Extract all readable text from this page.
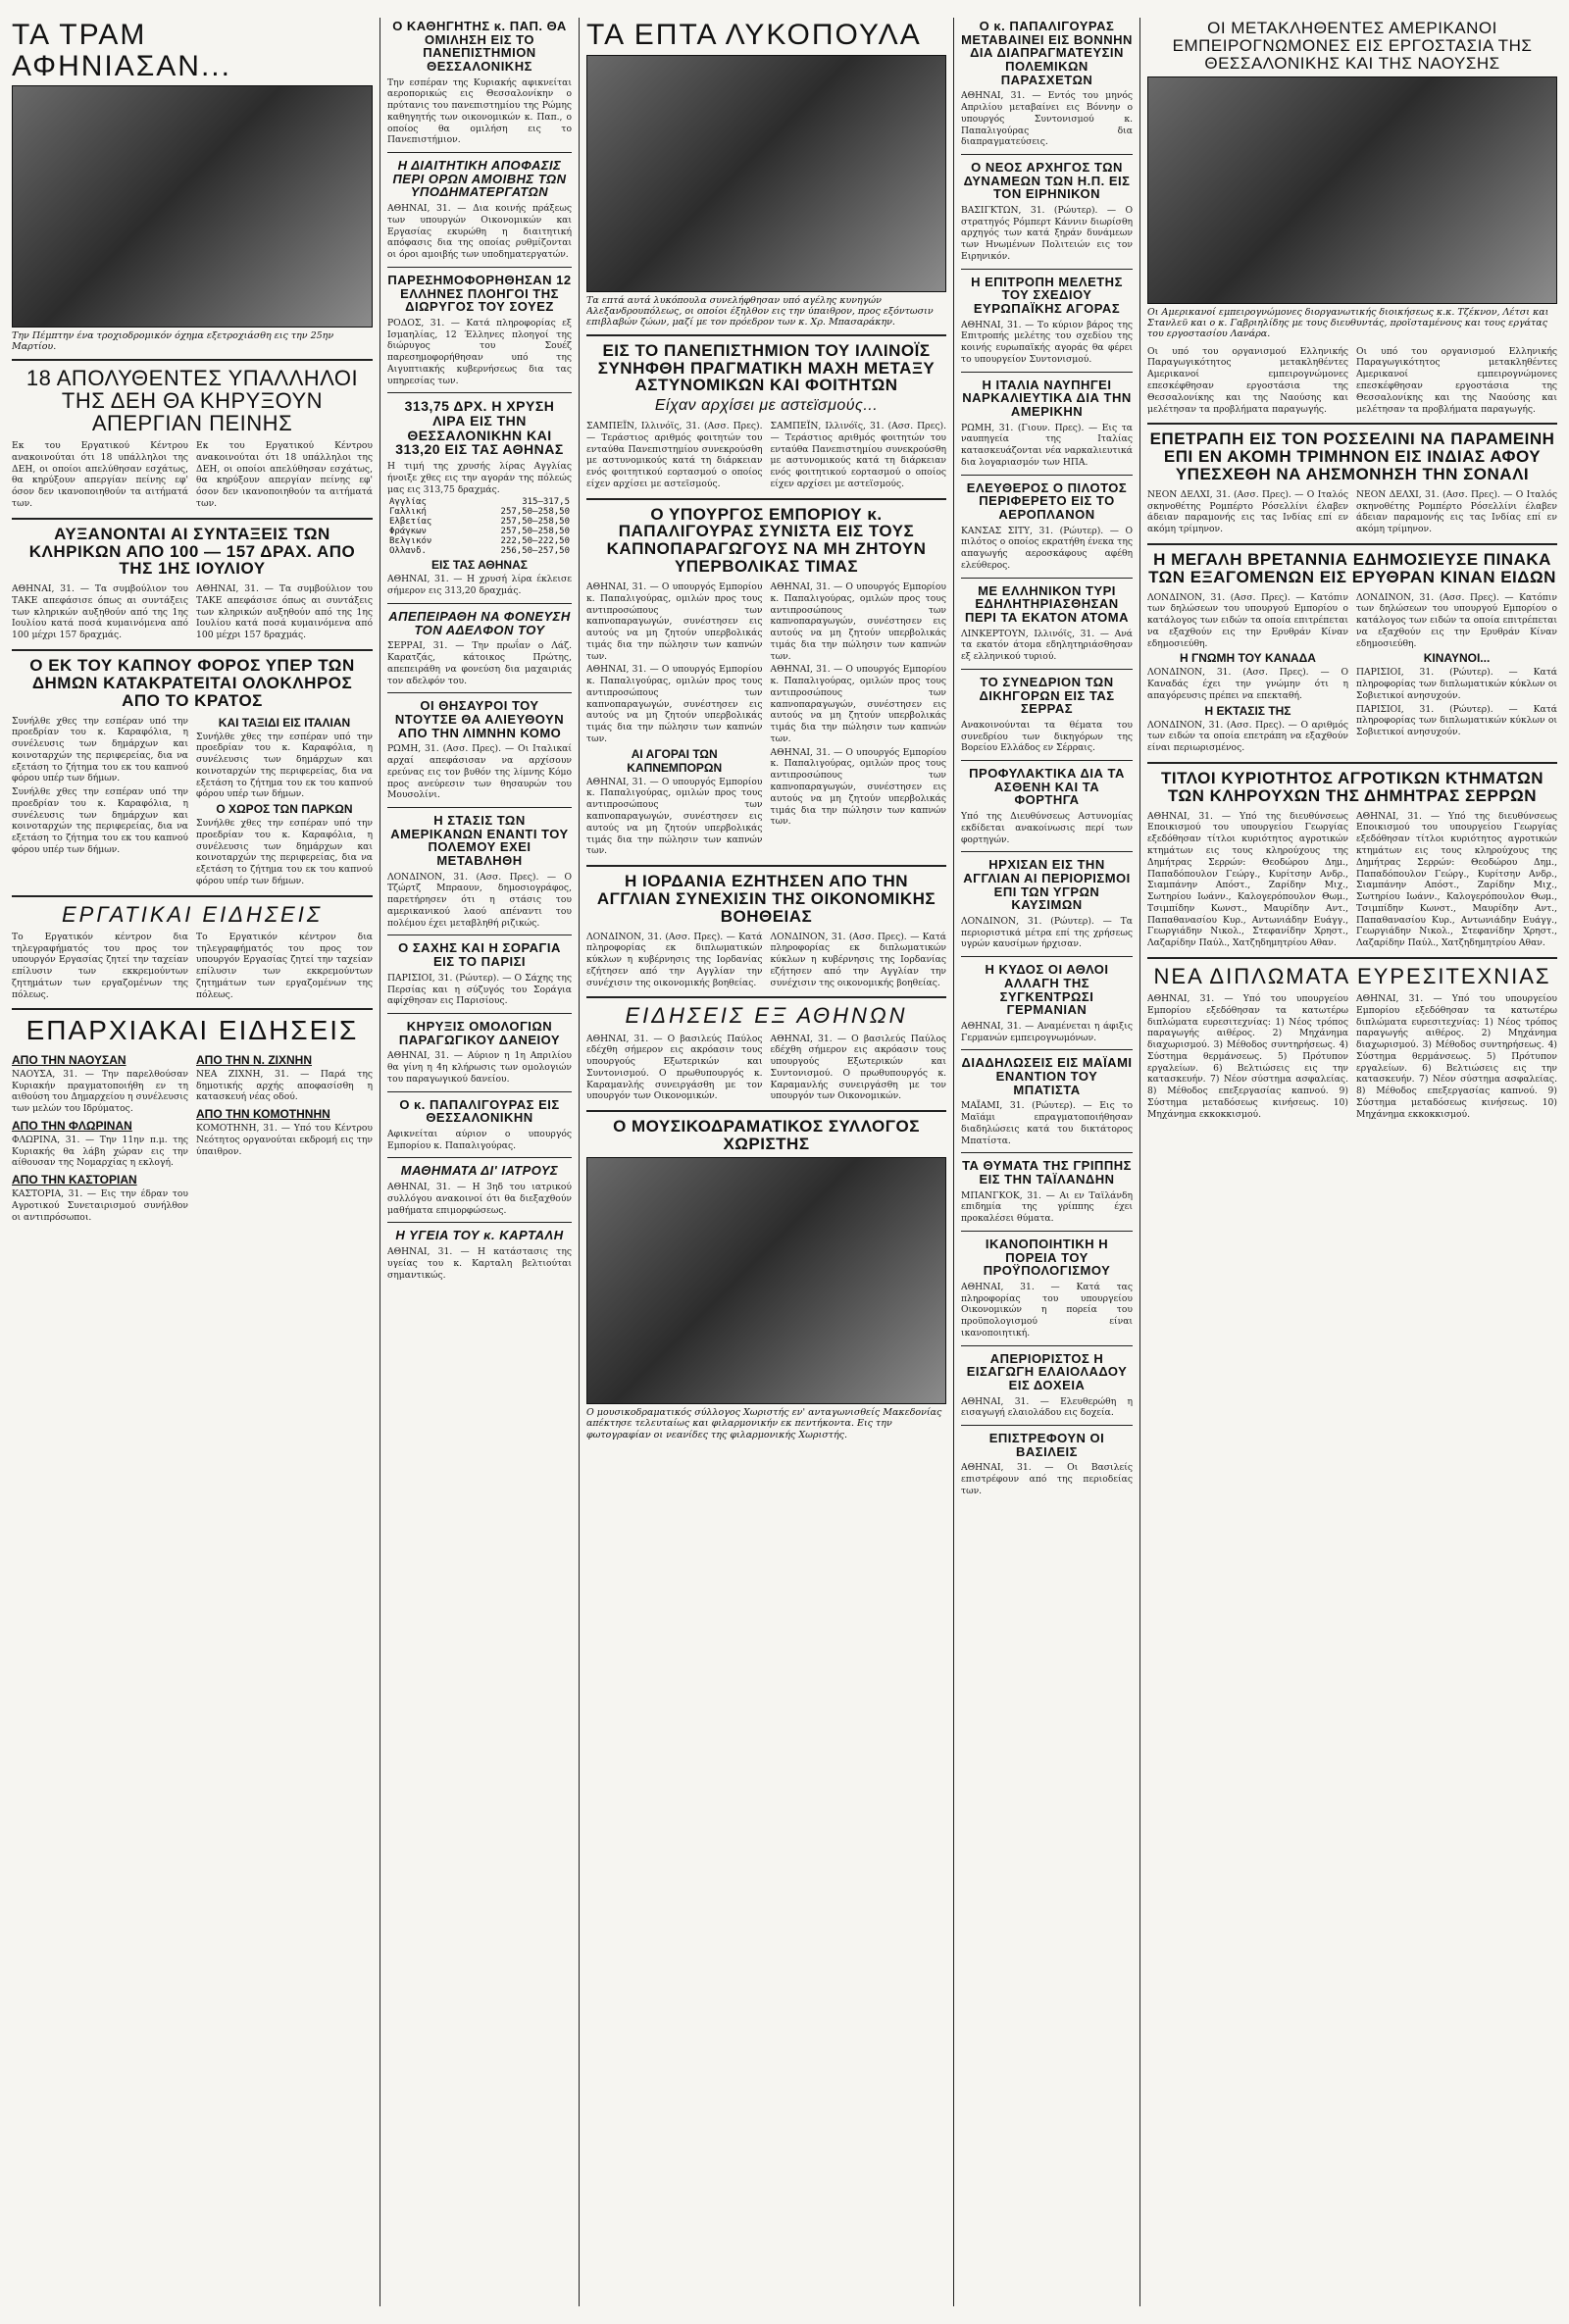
ΤΑ ΤΡΑΜ ΑΦΗΝΙΑΣΑΝ...
Την Πέμπτην ένα τροχιοδρομικόν όχημα εξετροχιάσθη εις την 25ην Μαρτίου.
18 ΑΠΟΛΥΘΕΝΤΕΣ ΥΠΑΛΛΗΛΟΙ ΤΗΣ ΔΕΗ ΘΑ ΚΗΡΥΞΟΥΝ ΑΠΕΡΓΙΑΝ ΠΕΙΝΗΣ
Εκ του Εργατικού Κέντρου ανακοινούται ότι 18 υπάλληλοι της ΔΕΗ, οι οποίοι απελύθησαν εσχάτως, θα κηρύξουν απεργίαν πείνης εφ' όσον δεν ικανοποιηθούν τα αιτήματά των.
Εκ του Εργατικού Κέντρου ανακοινούται ότι 18 υπάλληλοι της ΔΕΗ, οι οποίοι απελύθησαν εσχάτως, θα κηρύξουν απεργίαν πείνης εφ' όσον δεν ικανοποιηθούν τα αιτήματά των.
ΑΥΞΑΝΟΝΤΑΙ ΑΙ ΣΥΝΤΑΞΕΙΣ ΤΩΝ ΚΛΗΡΙΚΩΝ ΑΠΟ 100 — 157 ΔΡΑΧ. ΑΠΟ ΤΗΣ 1ΗΣ ΙΟΥΛΙΟΥ
ΑΘΗΝΑΙ, 31. — Τα συμβούλιον του ΤΑΚΕ απεφάσισε όπως αι συντάξεις των κληρικών αυξηθούν από της 1ης Ιουλίου κατά ποσά κυμαινόμενα από 100 μέχρι 157 δραχμάς.
ΑΘΗΝΑΙ, 31. — Τα συμβούλιον του ΤΑΚΕ απεφάσισε όπως αι συντάξεις των κληρικών αυξηθούν από της 1ης Ιουλίου κατά ποσά κυμαινόμενα από 100 μέχρι 157 δραχμάς.
Ο ΕΚ ΤΟΥ ΚΑΠΝΟΥ ΦΟΡΟΣ ΥΠΕΡ ΤΩΝ ΔΗΜΩΝ ΚΑΤΑΚΡΑΤΕΙΤΑΙ ΟΛΟΚΛΗΡΟΣ ΑΠΟ ΤΟ ΚΡΑΤΟΣ
Συνήλθε χθες την εσπέραν υπό την προεδρίαν του κ. Καραφόλια, η συνέλευσις των δημάρχων και κοινοταρχών της περιφερείας, δια να εξετάση το ζήτημα του εκ του καπνού φόρου υπέρ των δήμων.
Συνήλθε χθες την εσπέραν υπό την προεδρίαν του κ. Καραφόλια, η συνέλευσις των δημάρχων και κοινοταρχών της περιφερείας, δια να εξετάση το ζήτημα του εκ του καπνού φόρου υπέρ των δήμων.
ΚΑΙ ΤΑΞΙΔΙ ΕΙΣ ΙΤΑΛΙΑΝ
Συνήλθε χθες την εσπέραν υπό την προεδρίαν του κ. Καραφόλια, η συνέλευσις των δημάρχων και κοινοταρχών της περιφερείας, δια να εξετάση το ζήτημα του εκ του καπνού φόρου υπέρ των δήμων.
Ο ΧΩΡΟΣ ΤΩΝ ΠΑΡΚΩΝ
Συνήλθε χθες την εσπέραν υπό την προεδρίαν του κ. Καραφόλια, η συνέλευσις των δημάρχων και κοινοταρχών της περιφερείας, δια να εξετάση το ζήτημα του εκ του καπνού φόρου υπέρ των δήμων.
ΕΡΓΑΤΙΚΑΙ ΕΙΔΗΣΕΙΣ
Το Εργατικόν κέντρον δια τηλεγραφήματός του προς τον υπουργόν Εργασίας ζητεί την ταχείαν επίλυσιν των εκκρεμούντων ζητημάτων των εργαζομένων της πόλεως.
Το Εργατικόν κέντρον δια τηλεγραφήματός του προς τον υπουργόν Εργασίας ζητεί την ταχείαν επίλυσιν των εκκρεμούντων ζητημάτων των εργαζομένων της πόλεως.
ΕΠΑΡΧΙΑΚΑΙ ΕΙΔΗΣΕΙΣ
ΑΠΟ ΤΗΝ ΝΑΟΥΣΑΝ
ΝΑΟΥΣΑ, 31. — Την παρελθούσαν Κυριακήν πραγματοποιήθη εν τη αιθούση του Δημαρχείου η συνέλευσις των μελών του Ιδρύματος.
ΑΠΟ ΤΗΝ ΦΛΩΡΙΝΑΝ
ΦΛΩΡΙΝΑ, 31. — Την 11ην π.μ. της Κυριακής θα λάβη χώραν εις την αίθουσαν της Νομαρχίας η εκλογή.
ΑΠΟ ΤΗΝ ΚΑΣΤΟΡΙΑΝ
ΚΑΣΤΟΡΙΑ, 31. — Εις την έδραν του Αγροτικού Συνεταιρισμού συνήλθον οι αντιπρόσωποι.
ΑΠΟ ΤΗΝ Ν. ΖΙΧΝΗΝ
ΝΕΑ ΖΙΧΝΗ, 31. — Παρά της δημοτικής αρχής αποφασίσθη η κατασκευή νέας οδού.
ΑΠΟ ΤΗΝ ΚΟΜΟΤΗΝΗΝ
ΚΟΜΟΤΗΝΗ, 31. — Υπό του Κέντρου Νεότητος οργανούται εκδρομή εις την ύπαιθρον.
Ο ΚΑΘΗΓΗΤΗΣ κ. ΠΑΠ. ΘΑ ΟΜΙΛΗΣΗ ΕΙΣ ΤΟ ΠΑΝΕΠΙΣΤΗΜΙΟΝ ΘΕΣΣΑΛΟΝΙΚΗΣ
Την εσπέραν της Κυριακής αφικνείται αεροπορικώς εις Θεσσαλονίκην ο πρύτανις του πανεπιστημίου της Ρώμης καθηγητής των οικονομικών κ. Παπ., ο οποίος θα ομιλήση εις το Πανεπιστήμιον.
Η ΔΙΑΙΤΗΤΙΚΗ ΑΠΟΦΑΣΙΣ ΠΕΡΙ ΟΡΩΝ ΑΜΟΙΒΗΣ ΤΩΝ ΥΠΟΔΗΜΑΤΕΡΓΑΤΩΝ
ΑΘΗΝΑΙ, 31. — Δια κοινής πράξεως των υπουργών Οικονομικών και Εργασίας εκυρώθη η διαιτητική απόφασις δια της οποίας ρυθμίζονται οι όροι αμοιβής των υποδηματεργατών.
ΠΑΡΕΣΗΜΟΦΟΡΗΘΗΣΑΝ 12 ΕΛΛΗΝΕΣ ΠΛΟΗΓΟΙ ΤΗΣ ΔΙΩΡΥΓΟΣ ΤΟΥ ΣΟΥΕΖ
ΡΟΔΟΣ, 31. — Κατά πληροφορίας εξ Ισμαηλίας, 12 Έλληνες πλοηγοί της διώρυγος του Σουέζ παρεσημοφορήθησαν υπό της Αιγυπτιακής κυβερνήσεως δια τας υπηρεσίας των.
313,75 ΔΡΧ. Η ΧΡΥΣΗ ΛΙΡΑ ΕΙΣ ΤΗΝ ΘΕΣΣΑΛΟΝΙΚΗΝ ΚΑΙ 313,20 ΕΙΣ ΤΑΣ ΑΘΗΝΑΣ
Η τιμή της χρυσής λίρας Αγγλίας ήνοιξε χθες εις την αγοράν της πόλεώς μας εις 313,75 δραχμάς.
Αγγλίας	315—317,5
Γαλλική	257,50—258,50
Ελβετίας	257,50—258,50
Φράγκων	257,50—258,50
Βελγικόν	222,50—222,50
Ολλανδ.	256,50—257,50
ΕΙΣ ΤΑΣ ΑΘΗΝΑΣ
ΑΘΗΝΑΙ, 31. — Η χρυσή λίρα έκλεισε σήμερον εις 313,20 δραχμάς.
ΑΠΕΠΕΙΡΑΘΗ ΝΑ ΦΟΝΕΥΣΗ ΤΟΝ ΑΔΕΛΦΟΝ ΤΟΥ
ΣΕΡΡΑΙ, 31. — Την πρωΐαν ο Λάζ. Καρατζάς, κάτοικος Πρώτης, απεπειράθη να φονεύση δια μαχαιριάς τον αδελφόν του.
ΟΙ ΘΗΣΑΥΡΟΙ ΤΟΥ ΝΤΟΥΤΣΕ ΘΑ ΑΛΙΕΥΘΟΥΝ ΑΠΟ ΤΗΝ ΛΙΜΝΗΝ ΚΟΜΟ
ΡΩΜΗ, 31. (Ασσ. Πρες). — Οι Ιταλικαί αρχαί απεφάσισαν να αρχίσουν ερεύνας εις τον βυθόν της λίμνης Κόμο προς ανεύρεσιν των θησαυρών του Μουσολίνι.
Η ΣΤΑΣΙΣ ΤΩΝ ΑΜΕΡΙΚΑΝΩΝ ΕΝΑΝΤΙ ΤΟΥ ΠΟΛΕΜΟΥ ΕΧΕΙ ΜΕΤΑΒΛΗΘΗ
ΛΟΝΔΙΝΟΝ, 31. (Ασσ. Πρες). — Ο Τζώρτζ Μπραουν, δημοσιογράφος, παρετήρησεν ότι η στάσις του αμερικανικού λαού απέναντι του πολέμου έχει μεταβληθή ριζικώς.
Ο ΣΑΧΗΣ ΚΑΙ Η ΣΟΡΑΓΙΑ ΕΙΣ ΤΟ ΠΑΡΙΣΙ
ΠΑΡΙΣΙΟΙ, 31. (Ρώυτερ). — Ο Σάχης της Περσίας και η σύζυγός του Σοράγια αφίχθησαν εις Παρισίους.
ΚΗΡΥΞΙΣ ΟΜΟΛΟΓΙΩΝ ΠΑΡΑΓΩΓΙΚΟΥ ΔΑΝΕΙΟΥ
ΑΘΗΝΑΙ, 31. — Αύριον η 1η Απριλίου θα γίνη η 4η κλήρωσις των ομολογιών του παραγωγικού δανείου.
Ο κ. ΠΑΠΑΛΙΓΟΥΡΑΣ ΕΙΣ ΘΕΣΣΑΛΟΝΙΚΗΝ
Αφικνείται αύριον ο υπουργός Εμπορίου κ. Παπαλιγούρας.
ΜΑΘΗΜΑΤΑ ΔΙ' ΙΑΤΡΟΥΣ
ΑΘΗΝΑΙ, 31. — Η 3ηδ του ιατρικού συλλόγου ανακοινοί ότι θα διεξαχθούν μαθήματα επιμορφώσεως.
Η ΥΓΕΙΑ ΤΟΥ κ. ΚΑΡΤΑΛΗ
ΑΘΗΝΑΙ, 31. — Η κατάστασις της υγείας του κ. Καρταλη βελτιούται σημαντικώς.
ΤΑ ΕΠΤΑ ΛΥΚΟΠΟΥΛΑ
Τα επτά αυτά λυκόπουλα συνελήφθησαν υπό αγέλης κυνηγών Αλεξανδρουπόλεως, οι οποίοι έξηλθον εις την ύπαιθρον, προς εξόντωσιν επιβλαβών ζώων, μαζί με τον πρόεδρον των κ. Χρ. Μπασαράκην.
ΕΙΣ ΤΟ ΠΑΝΕΠΙΣΤΗΜΙΟΝ ΤΟΥ ΙΛΛΙΝΟΪΣ ΣΥΝΗΦΘΗ ΠΡΑΓΜΑΤΙΚΗ ΜΑΧΗ ΜΕΤΑΞΥ ΑΣΤΥΝΟΜΙΚΩΝ ΚΑΙ ΦΟΙΤΗΤΩΝ
Είχαν αρχίσει με αστεϊσμούς...
ΣΑΜΠΕΪΝ, Ιλλινόϊς, 31. (Ασσ. Πρες). — Τεράστιος αριθμός φοιτητών του ενταύθα Πανεπιστημίου συνεκρούσθη με αστυνομικούς κατά τη διάρκειαν ενός φοιτητικού εορτασμού ο οποίος είχεν αρχίσει με αστεϊσμούς.
ΣΑΜΠΕΪΝ, Ιλλινόϊς, 31. (Ασσ. Πρες). — Τεράστιος αριθμός φοιτητών του ενταύθα Πανεπιστημίου συνεκρούσθη με αστυνομικούς κατά τη διάρκειαν ενός φοιτητικού εορτασμού ο οποίος είχεν αρχίσει με αστεϊσμούς.
Ο ΥΠΟΥΡΓΟΣ ΕΜΠΟΡΙΟΥ κ. ΠΑΠΑΛΙΓΟΥΡΑΣ ΣΥΝΙΣΤΑ ΕΙΣ ΤΟΥΣ ΚΑΠΝΟΠΑΡΑΓΩΓΟΥΣ ΝΑ ΜΗ ΖΗΤΟΥΝ ΥΠΕΡΒΟΛΙΚΑΣ ΤΙΜΑΣ
ΑΘΗΝΑΙ, 31. — Ο υπουργός Εμπορίου κ. Παπαλιγούρας, ομιλών προς τους αντιπροσώπους των καπνοπαραγωγών, συνέστησεν εις αυτούς να μη ζητούν υπερβολικάς τιμάς δια την πώλησιν των καπνών των.
ΑΘΗΝΑΙ, 31. — Ο υπουργός Εμπορίου κ. Παπαλιγούρας, ομιλών προς τους αντιπροσώπους των καπνοπαραγωγών, συνέστησεν εις αυτούς να μη ζητούν υπερβολικάς τιμάς δια την πώλησιν των καπνών των.
ΑΙ ΑΓΟΡΑΙ ΤΩΝ ΚΑΠΝΕΜΠΟΡΩΝ
ΑΘΗΝΑΙ, 31. — Ο υπουργός Εμπορίου κ. Παπαλιγούρας, ομιλών προς τους αντιπροσώπους των καπνοπαραγωγών, συνέστησεν εις αυτούς να μη ζητούν υπερβολικάς τιμάς δια την πώλησιν των καπνών των.
ΑΘΗΝΑΙ, 31. — Ο υπουργός Εμπορίου κ. Παπαλιγούρας, ομιλών προς τους αντιπροσώπους των καπνοπαραγωγών, συνέστησεν εις αυτούς να μη ζητούν υπερβολικάς τιμάς δια την πώλησιν των καπνών των.
ΑΘΗΝΑΙ, 31. — Ο υπουργός Εμπορίου κ. Παπαλιγούρας, ομιλών προς τους αντιπροσώπους των καπνοπαραγωγών, συνέστησεν εις αυτούς να μη ζητούν υπερβολικάς τιμάς δια την πώλησιν των καπνών των.
ΑΘΗΝΑΙ, 31. — Ο υπουργός Εμπορίου κ. Παπαλιγούρας, ομιλών προς τους αντιπροσώπους των καπνοπαραγωγών, συνέστησεν εις αυτούς να μη ζητούν υπερβολικάς τιμάς δια την πώλησιν των καπνών των.
Η ΙΟΡΔΑΝΙΑ ΕΖΗΤΗΣΕΝ ΑΠΟ ΤΗΝ ΑΓΓΛΙΑΝ ΣΥΝΕΧΙΣΙΝ ΤΗΣ ΟΙΚΟΝΟΜΙΚΗΣ ΒΟΗΘΕΙΑΣ
ΛΟΝΔΙΝΟΝ, 31. (Ασσ. Πρες). — Κατά πληροφορίας εκ διπλωματικών κύκλων η κυβέρνησις της Ιορδανίας εζήτησεν από την Αγγλίαν την συνέχισιν της οικονομικής βοηθείας.
ΛΟΝΔΙΝΟΝ, 31. (Ασσ. Πρες). — Κατά πληροφορίας εκ διπλωματικών κύκλων η κυβέρνησις της Ιορδανίας εζήτησεν από την Αγγλίαν την συνέχισιν της οικονομικής βοηθείας.
ΕΙΔΗΣΕΙΣ ΕΞ ΑΘΗΝΩΝ
ΑΘΗΝΑΙ, 31. — Ο βασιλεύς Παύλος εδέχθη σήμερον εις ακρόασιν τους υπουργούς Εξωτερικών και Συντονισμού. Ο πρωθυπουργός κ. Καραμανλής συνειργάσθη με τον υπουργόν των Οικονομικών.
ΑΘΗΝΑΙ, 31. — Ο βασιλεύς Παύλος εδέχθη σήμερον εις ακρόασιν τους υπουργούς Εξωτερικών και Συντονισμού. Ο πρωθυπουργός κ. Καραμανλής συνειργάσθη με τον υπουργόν των Οικονομικών.
Ο ΜΟΥΣΙΚΟΔΡΑΜΑΤΙΚΟΣ ΣΥΛΛΟΓΟΣ ΧΩΡΙΣΤΗΣ
Ο μουσικοδραματικός σύλλογος Χωριστής εν' ανταγωνισθείς Μακεδονίας απέκτησε τελευταίως και φιλαρμονικήν εκ πεντήκοντα. Εις την φωτογραφίαν οι νεανίδες της φιλαρμονικής Χωριστής.
Ο κ. ΠΑΠΑΛΙΓΟΥΡΑΣ ΜΕΤΑΒΑΙΝΕΙ ΕΙΣ ΒΟΝΝΗΝ ΔΙΑ ΔΙΑΠΡΑΓΜΑΤΕΥΣΙΝ ΠΟΛΕΜΙΚΩΝ ΠΑΡΑΣΧΕΤΩΝ
ΑΘΗΝΑΙ, 31. — Εντός του μηνός Απριλίου μεταβαίνει εις Βόννην ο υπουργός Συντονισμού κ. Παπαλιγούρας δια διαπραγματεύσεις.
Ο ΝΕΟΣ ΑΡΧΗΓΟΣ ΤΩΝ ΔΥΝΑΜΕΩΝ ΤΩΝ Η.Π. ΕΙΣ ΤΟΝ ΕΙΡΗΝΙΚΟΝ
ΒΑΣΙΓΚΤΩΝ, 31. (Ρώυτερ). — Ο στρατηγός Ρόμπερτ Κάννιν διωρίσθη αρχηγός των κατά ξηράν δυνάμεων των Ηνωμένων Πολιτειών εις τον Ειρηνικόν.
Η ΕΠΙΤΡΟΠΗ ΜΕΛΕΤΗΣ ΤΟΥ ΣΧΕΔΙΟΥ ΕΥΡΩΠΑΪΚΗΣ ΑΓΟΡΑΣ
ΑΘΗΝΑΙ, 31. — Το κύριον βάρος της Επιτροπής μελέτης του σχεδίου της κοινής ευρωπαϊκής αγοράς θα φέρει το υπουργείον Συντονισμού.
Η ΙΤΑΛΙΑ ΝΑΥΠΗΓΕΙ ΝΑΡΚΑΛΙΕΥΤΙΚΑ ΔΙΑ ΤΗΝ ΑΜΕΡΙΚΗΝ
ΡΩΜΗ, 31. (Γιουν. Πρες). — Εις τα ναυπηγεία της Ιταλίας κατασκευάζονται νέα ναρκαλιευτικά δια λογαριασμόν των ΗΠΑ.
ΕΛΕΥΘΕΡΟΣ Ο ΠΙΛΟΤΟΣ ΠΕΡΙΦΕΡΕΤΟ ΕΙΣ ΤΟ ΑΕΡΟΠΛΑΝΟΝ
ΚΑΝΣΑΣ ΣΙΤΥ, 31. (Ρώυτερ). — Ο πιλότος ο οποίος εκρατήθη ένεκα της απαγωγής αεροσκάφους αφέθη ελεύθερος.
ΜΕ ΕΛΛΗΝΙΚΟΝ ΤΥΡΙ ΕΔΗΛΗΤΗΡΙΑΣΘΗΣΑΝ ΠΕΡΙ ΤΑ ΕΚΑΤΟΝ ΑΤΟΜΑ
ΛΙΝΚΕΡΤΟΥΝ, Ιλλινόϊς, 31. — Ανά τα εκατόν άτομα εδηλητηριάσθησαν εξ ελληνικού τυριού.
ΤΟ ΣΥΝΕΔΡΙΟΝ ΤΩΝ ΔΙΚΗΓΟΡΩΝ ΕΙΣ ΤΑΣ ΣΕΡΡΑΣ
Ανακοινούνται τα θέματα του συνεδρίου των δικηγόρων της Βορείου Ελλάδος εν Σέρραις.
ΠΡΟΦΥΛΑΚΤΙΚΑ ΔΙΑ ΤΑ ΑΣΘΕΝΗ ΚΑΙ ΤΑ ΦΟΡΤΗΓΑ
Υπό της Διευθύνσεως Αστυνομίας εκδίδεται ανακοίνωσις περί των φορτηγών.
ΗΡΧΙΣΑΝ ΕΙΣ ΤΗΝ ΑΓΓΛΙΑΝ ΑΙ ΠΕΡΙΟΡΙΣΜΟΙ ΕΠΙ ΤΩΝ ΥΓΡΩΝ ΚΑΥΣΙΜΩΝ
ΛΟΝΔΙΝΟΝ, 31. (Ρώυτερ). — Τα περιοριστικά μέτρα επί της χρήσεως υγρών καυσίμων ήρχισαν.
Η ΚΥΔΟΣ ΟΙ ΑΘΛΟΙ ΑΛΛΑΓΗ ΤΗΣ ΣΥΓΚΕΝΤΡΩΣΙ ΓΕΡΜΑΝΙΑΝ
ΑΘΗΝΑΙ, 31. — Αναμένεται η άφιξις Γερμανών εμπειρογνωμόνων.
ΔΙΑΔΗΛΩΣΕΙΣ ΕΙΣ ΜΑΪΑΜΙ ΕΝΑΝΤΙΟΝ ΤΟΥ ΜΠΑΤΙΣΤΑ
ΜΑΪΑΜΙ, 31. (Ρώυτερ). — Εις το Μαϊάμι επραγματοποιήθησαν διαδηλώσεις κατά του δικτάτορος Μπατίστα.
ΤΑ ΘΥΜΑΤΑ ΤΗΣ ΓΡΙΠΠΗΣ ΕΙΣ ΤΗΝ ΤΑΪΛΑΝΔΗΝ
ΜΠΑΝΓΚΟΚ, 31. — Αι εν Ταϊλάνδη επιδημία της γρίππης έχει προκαλέσει θύματα.
ΙΚΑΝΟΠΟΙΗΤΙΚΗ Η ΠΟΡΕΙΑ ΤΟΥ ΠΡΟΫΠΟΛΟΓΙΣΜΟΥ
ΑΘΗΝΑΙ, 31. — Κατά τας πληροφορίας του υπουργείου Οικονομικών η πορεία του προϋπολογισμού είναι ικανοποιητική.
ΑΠΕΡΙΟΡΙΣΤΟΣ Η ΕΙΣΑΓΩΓΗ ΕΛΑΙΟΛΑΔΟΥ ΕΙΣ ΔΟΧΕΙΑ
ΑΘΗΝΑΙ, 31. — Ελευθερώθη η εισαγωγή ελαιολάδου εις δοχεία.
ΕΠΙΣΤΡΕΦΟΥΝ ΟΙ ΒΑΣΙΛΕΙΣ
ΑΘΗΝΑΙ, 31. — Οι Βασιλείς επιστρέφουν από της περιοδείας των.
ΟΙ ΜΕΤΑΚΛΗΘΕΝΤΕΣ ΑΜΕΡΙΚΑΝΟΙ ΕΜΠΕΙΡΟΓΝΩΜΟΝΕΣ ΕΙΣ ΕΡΓΟΣΤΑΣΙΑ ΤΗΣ ΘΕΣΣΑΛΟΝΙΚΗΣ ΚΑΙ ΤΗΣ ΝΑΟΥΣΗΣ
Οι Αμερικανοί εμπειρογνώμονες διοργανωτικής διοικήσεως κ.κ. Τζέκνον, Λέτσι και Στανλεϋ και ο κ. Γαβριηλίδης με τους διευθυντάς, προϊσταμένους και τους εργάτας του εργοστασίου Λανάρα.
Οι υπό του οργανισμού Ελληνικής Παραγωγικότητος μετακληθέντες Αμερικανοί εμπειρογνώμονες επεσκέφθησαν εργοστάσια της Θεσσαλονίκης και της Ναούσης και μελέτησαν τα προβλήματα παραγωγής.
Οι υπό του οργανισμού Ελληνικής Παραγωγικότητος μετακληθέντες Αμερικανοί εμπειρογνώμονες επεσκέφθησαν εργοστάσια της Θεσσαλονίκης και της Ναούσης και μελέτησαν τα προβλήματα παραγωγής.
ΕΠΕΤΡΑΠΗ ΕΙΣ ΤΟΝ ΡΟΣΣΕΛΙΝΙ ΝΑ ΠΑΡΑΜΕΙΝΗ ΕΠΙ ΕΝ ΑΚΟΜΗ ΤΡΙΜΗΝΟΝ ΕΙΣ ΙΝΔΙΑΣ ΑΦΟΥ ΥΠΕΣΧΕΘΗ ΝΑ ΑΗΣΜΟΝΗΣΗ ΤΗΝ ΣΟΝΑΛΙ
ΝΕΟΝ ΔΕΛΧΙ, 31. (Ασσ. Πρες). — Ο Ιταλός σκηνοθέτης Ρομπέρτο Ρόσελλίνι έλαβεν άδειαν παραμονής εις τας Ινδίας επί εν ακόμη τρίμηνον.
ΝΕΟΝ ΔΕΛΧΙ, 31. (Ασσ. Πρες). — Ο Ιταλός σκηνοθέτης Ρομπέρτο Ρόσελλίνι έλαβεν άδειαν παραμονής εις τας Ινδίας επί εν ακόμη τρίμηνον.
Η ΜΕΓΑΛΗ ΒΡΕΤΑΝΝΙΑ ΕΔΗΜΟΣΙΕΥΣΕ ΠΙΝΑΚΑ ΤΩΝ ΕΞΑΓΟΜΕΝΩΝ ΕΙΣ ΕΡΥΘΡΑΝ ΚΙΝΑΝ ΕΙΔΩΝ
ΛΟΝΔΙΝΟΝ, 31. (Ασσ. Πρες). — Κατόπιν των δηλώσεων του υπουργού Εμπορίου ο κατάλογος των ειδών τα οποία επιτρέπεται να εξαχθούν εις την Ερυθράν Κίναν εδημοσιεύθη.
Η ΓΝΩΜΗ ΤΟΥ ΚΑΝΑΔΑ
ΛΟΝΔΙΝΟΝ, 31. (Ασσ. Πρες). — Ο Καναδάς έχει την γνώμην ότι η απαγόρευσις πρέπει να επεκταθή.
Η ΕΚΤΑΣΙΣ ΤΗΣ
ΛΟΝΔΙΝΟΝ, 31. (Ασσ. Πρες). — Ο αριθμός των ειδών τα οποία επετράπη να εξαχθούν είναι περιωρισμένος.
ΛΟΝΔΙΝΟΝ, 31. (Ασσ. Πρες). — Κατόπιν των δηλώσεων του υπουργού Εμπορίου ο κατάλογος των ειδών τα οποία επιτρέπεται να εξαχθούν εις την Ερυθράν Κίναν εδημοσιεύθη.
ΚΙΝΑΥΝΟΙ...
ΠΑΡΙΣΙΟΙ, 31. (Ρώυτερ). — Κατά πληροφορίας των διπλωματικών κύκλων οι Σοβιετικοί ανησυχούν.
ΠΑΡΙΣΙΟΙ, 31. (Ρώυτερ). — Κατά πληροφορίας των διπλωματικών κύκλων οι Σοβιετικοί ανησυχούν.
ΤΙΤΛΟΙ ΚΥΡΙΟΤΗΤΟΣ ΑΓΡΟΤΙΚΩΝ ΚΤΗΜΑΤΩΝ ΤΩΝ ΚΛΗΡΟΥΧΩΝ ΤΗΣ ΔΗΜΗΤΡΑΣ ΣΕΡΡΩΝ
ΑΘΗΝΑΙ, 31. — Υπό της διευθύνσεως Εποικισμού του υπουργείου Γεωργίας εξεδόθησαν τίτλοι κυριότητος αγροτικών κτημάτων εις τους κληρούχους της Δημήτρας Σερρών: Θεοδώρου Δημ., Παπαδόπουλον Γεώργ., Κυρίτσην Ανδρ., Σιαμπάνην Απόστ., Ζαρίδην Μιχ., Σωτηρίου Ιωάνν., Καλογερόπουλον Θωμ., Τσιμπίδην Κωνστ., Μαυρίδην Αντ., Παπαθανασίου Κυρ., Αντωνιάδην Ευάγγ., Γεωργιάδην Νικολ., Στεφανίδην Χρηστ., Λαζαρίδην Παύλ., Χατζηδημητρίου Αθαν.
ΑΘΗΝΑΙ, 31. — Υπό της διευθύνσεως Εποικισμού του υπουργείου Γεωργίας εξεδόθησαν τίτλοι κυριότητος αγροτικών κτημάτων εις τους κληρούχους της Δημήτρας Σερρών: Θεοδώρου Δημ., Παπαδόπουλον Γεώργ., Κυρίτσην Ανδρ., Σιαμπάνην Απόστ., Ζαρίδην Μιχ., Σωτηρίου Ιωάνν., Καλογερόπουλον Θωμ., Τσιμπίδην Κωνστ., Μαυρίδην Αντ., Παπαθανασίου Κυρ., Αντωνιάδην Ευάγγ., Γεωργιάδην Νικολ., Στεφανίδην Χρηστ., Λαζαρίδην Παύλ., Χατζηδημητρίου Αθαν.
ΝΕΑ ΔΙΠΛΩΜΑΤΑ ΕΥΡΕΣΙΤΕΧΝΙΑΣ
ΑΘΗΝΑΙ, 31. — Υπό του υπουργείου Εμπορίου εξεδόθησαν τα κατωτέρω διπλώματα ευρεσιτεχνίας: 1) Νέος τρόπος παραγωγής αιθέρος. 2) Μηχάνημα διαχωρισμού. 3) Μέθοδος συντηρήσεως. 4) Σύστημα θερμάνσεως. 5) Πρότυπον εργαλείων. 6) Βελτιώσεις εις την κατασκευήν. 7) Νέον σύστημα ασφαλείας. 8) Μέθοδος επεξεργασίας καπνού. 9) Σύστημα μεταδόσεως κινήσεως. 10) Μηχάνημα εκκοκκισμού.
ΑΘΗΝΑΙ, 31. — Υπό του υπουργείου Εμπορίου εξεδόθησαν τα κατωτέρω διπλώματα ευρεσιτεχνίας: 1) Νέος τρόπος παραγωγής αιθέρος. 2) Μηχάνημα διαχωρισμού. 3) Μέθοδος συντηρήσεως. 4) Σύστημα θερμάνσεως. 5) Πρότυπον εργαλείων. 6) Βελτιώσεις εις την κατασκευήν. 7) Νέον σύστημα ασφαλείας. 8) Μέθοδος επεξεργασίας καπνού. 9) Σύστημα μεταδόσεως κινήσεως. 10) Μηχάνημα εκκοκκισμού.
